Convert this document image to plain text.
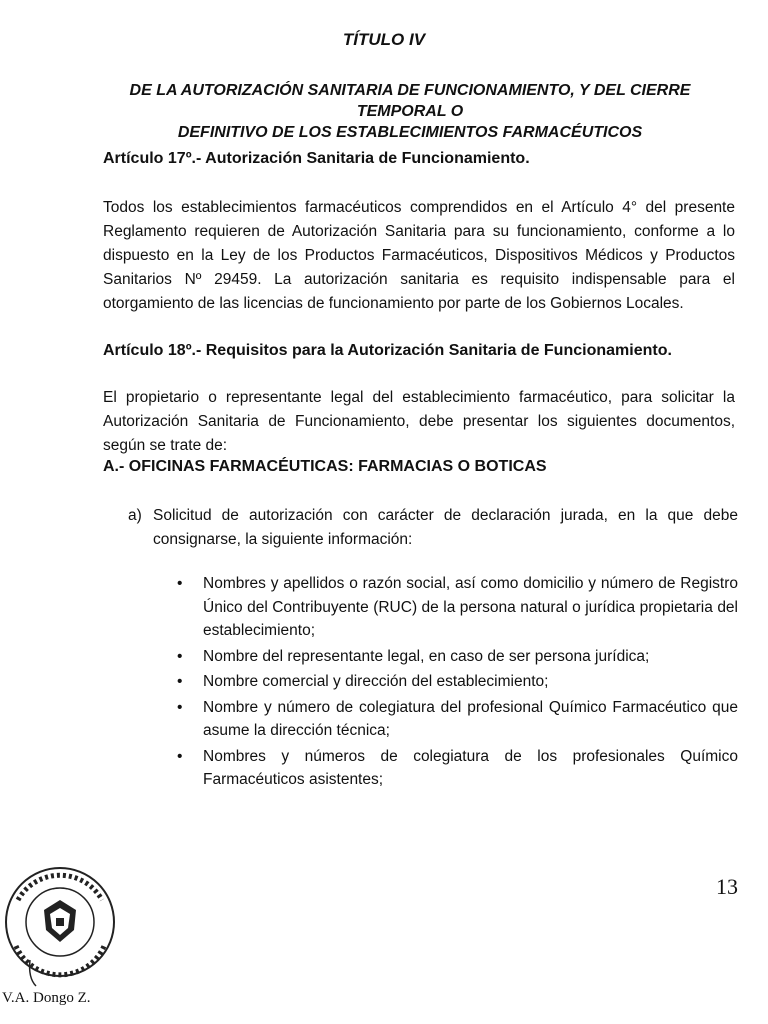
TÍTULO IV
DE LA AUTORIZACIÓN SANITARIA DE FUNCIONAMIENTO, Y DEL CIERRE TEMPORAL O
DEFINITIVO DE LOS ESTABLECIMIENTOS FARMACÉUTICOS
Artículo 17º.- Autorización Sanitaria de Funcionamiento.
Todos los establecimientos farmacéuticos comprendidos en el Artículo 4° del presente Reglamento requieren de Autorización Sanitaria para su funcionamiento, conforme a lo dispuesto en la Ley de los Productos Farmacéuticos, Dispositivos Médicos y Productos Sanitarios Nº 29459. La autorización sanitaria es requisito indispensable para el otorgamiento de las licencias de funcionamiento por parte de los Gobiernos Locales.
Artículo 18º.- Requisitos para la Autorización Sanitaria de Funcionamiento.
El propietario o representante legal del establecimiento farmacéutico, para solicitar la Autorización Sanitaria de Funcionamiento, debe presentar los siguientes documentos, según se trate de:
A.- OFICINAS FARMACÉUTICAS: FARMACIAS O BOTICAS
a) Solicitud de autorización con carácter de declaración jurada, en la que debe consignarse, la siguiente información:
• Nombres y apellidos o razón social, así como domicilio y número de Registro Único del Contribuyente (RUC) de la persona natural o jurídica propietaria del establecimiento;
• Nombre del representante legal, en caso de ser persona jurídica;
• Nombre comercial y dirección del establecimiento;
• Nombre y número de colegiatura del profesional Químico Farmacéutico que asume la dirección técnica;
• Nombres y números de colegiatura de los profesionales Químico Farmacéuticos asistentes;
13
V.A. Dongo Z.
